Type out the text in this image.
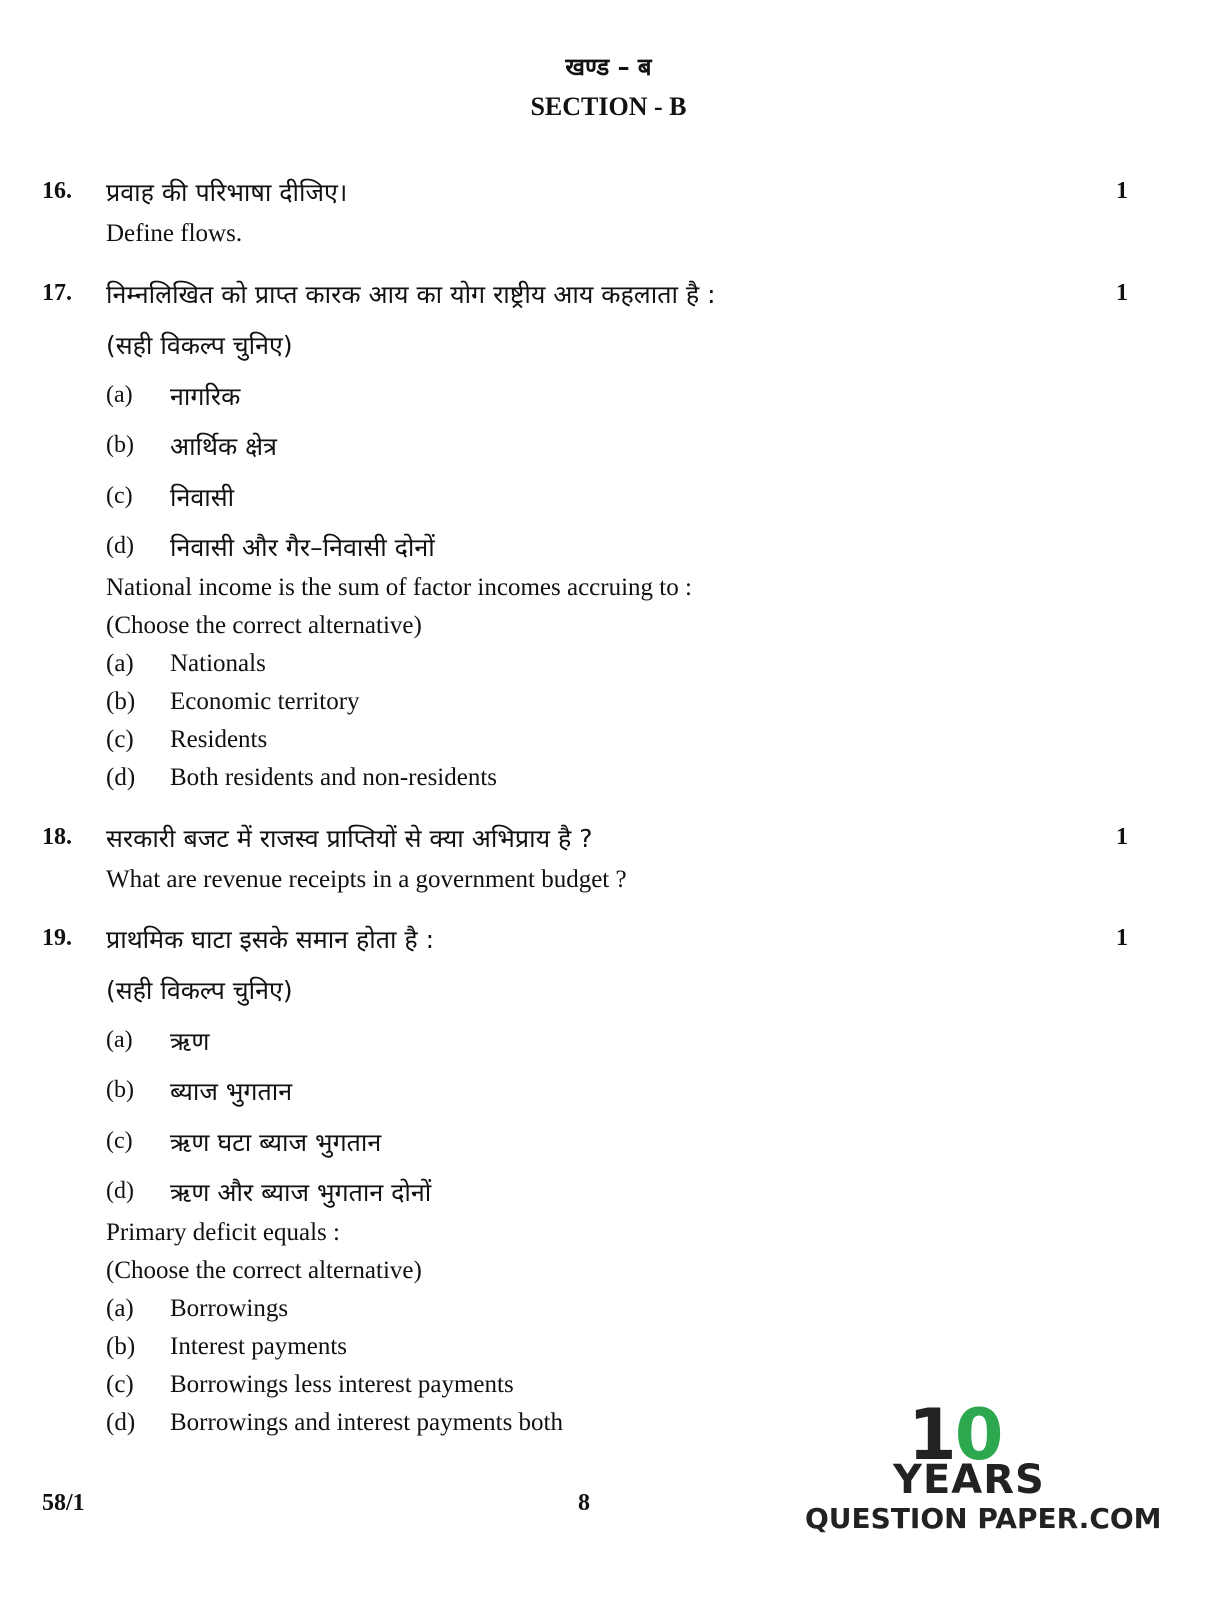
खण्ड – ब
SECTION - B
16. प्रवाह की परिभाषा दीजिए।	1
Define flows.
17. निम्नलिखित को प्राप्त कारक आय का योग राष्ट्रीय आय कहलाता है :	1
(सही विकल्प चुनिए)
(a) नागरिक
(b) आर्थिक क्षेत्र
(c) निवासी
(d) निवासी और गैर–निवासी दोनों
National income is the sum of factor incomes accruing to :
(Choose the correct alternative)
(a) Nationals
(b) Economic territory
(c) Residents
(d) Both residents and non-residents
18. सरकारी बजट में राजस्व प्राप्तियों से क्या अभिप्राय है ?	1
What are revenue receipts in a government budget ?
19. प्राथमिक घाटा इसके समान होता है :	1
(सही विकल्प चुनिए)
(a) ऋण
(b) ब्याज भुगतान
(c) ऋण घटा ब्याज भुगतान
(d) ऋण और ब्याज भुगतान दोनों
Primary deficit equals :
(Choose the correct alternative)
(a) Borrowings
(b) Interest payments
(c) Borrowings less interest payments
(d) Borrowings and interest payments both
58/1	8
10
YEARS
QUESTION PAPER.COM
